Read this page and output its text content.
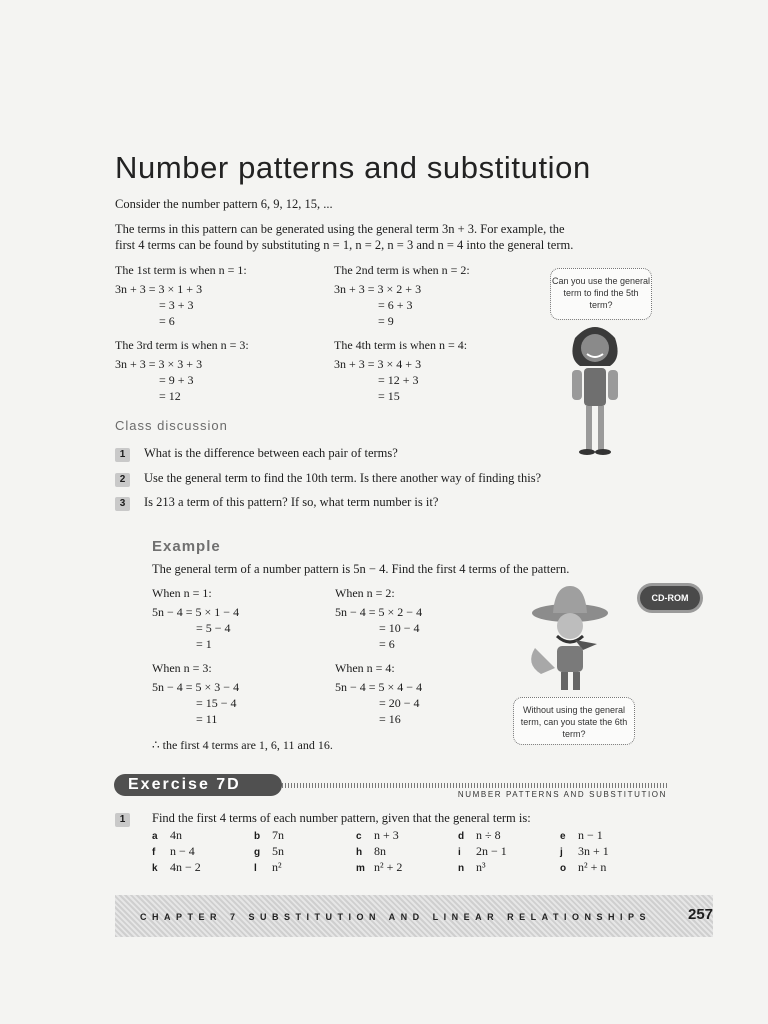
Number patterns and substitution
Consider the number pattern 6, 9, 12, 15, ...
The terms in this pattern can be generated using the general term 3n + 3. For example, the
first 4 terms can be found by substituting n = 1, n = 2, n = 3 and n = 4 into the general term.
The 1st term is when n = 1:
3n + 3 = 3 × 1 + 3
= 3 + 3
= 6
The 2nd term is when n = 2:
3n + 3 = 3 × 2 + 3
= 6 + 3
= 9
The 3rd term is when n = 3:
3n + 3 = 3 × 3 + 3
= 9 + 3
= 12
The 4th term is when n = 4:
3n + 3 = 3 × 4 + 3
= 12 + 3
= 15
Can you use the general term to find the 5th term?
Class discussion
1 What is the difference between each pair of terms?
2 Use the general term to find the 10th term. Is there another way of finding this?
3 Is 213 a term of this pattern? If so, what term number is it?
Example
The general term of a number pattern is 5n − 4. Find the first 4 terms of the pattern.
When n = 1:
5n − 4 = 5 × 1 − 4
= 5 − 4
= 1
When n = 2:
5n − 4 = 5 × 2 − 4
= 10 − 4
= 6
When n = 3:
5n − 4 = 5 × 3 − 4
= 15 − 4
= 11
When n = 4:
5n − 4 = 5 × 4 − 4
= 20 − 4
= 16
∴ the first 4 terms are 1, 6, 11 and 16.
CD-ROM
Without using the general term, can you state the 6th term?
Exercise 7D
NUMBER PATTERNS AND SUBSTITUTION
1 Find the first 4 terms of each number pattern, given that the general term is:
a 4n	b 7n	c n + 3	d n ÷ 8	e n − 1
f n − 4	g 5n	h 8n	i 2n − 1	j 3n + 1
k 4n − 2	l n²	m n² + 2	n n³	o n² + n
CHAPTER 7 SUBSTITUTION AND LINEAR RELATIONSHIPS 257
